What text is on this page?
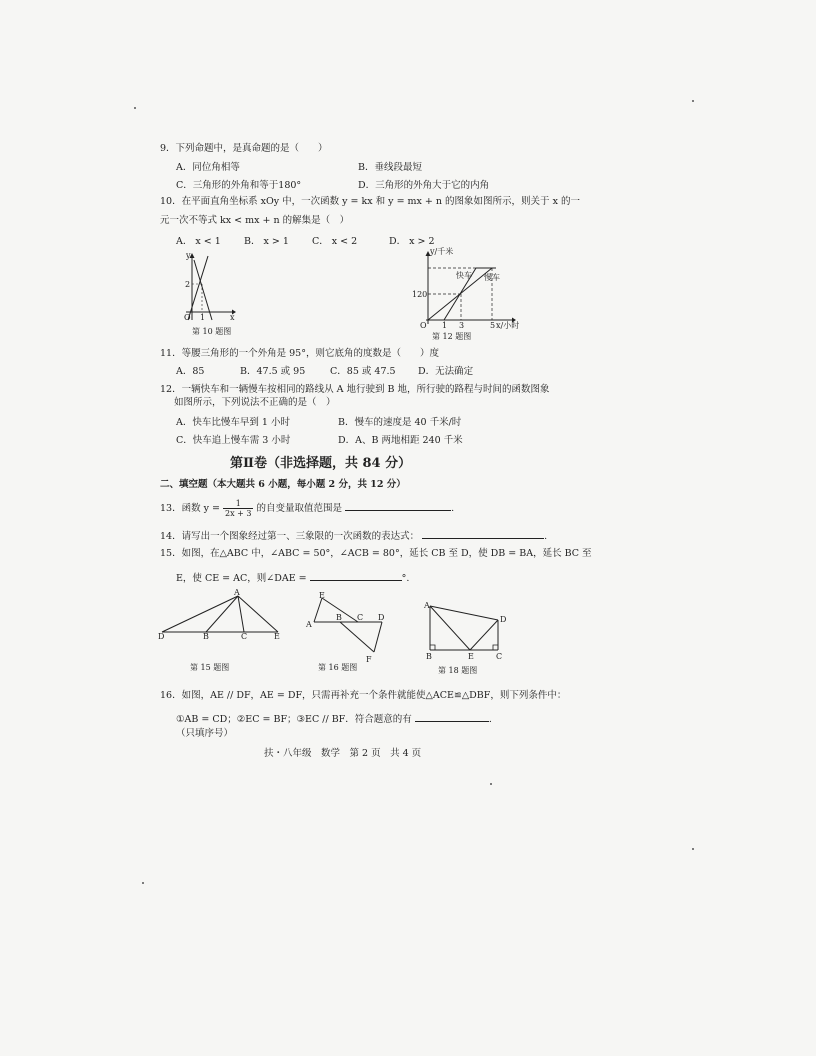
9．下列命题中，是真命题的是（　　）
A．同位角相等	B．垂线段最短
C．三角形的外角和等于180°	D．三角形的外角大于它的内角
10．在平面直角坐标系 xOy 中，一次函数 y = kx 和 y = mx + n 的图象如图所示，则关于 x 的一
元一次不等式 kx < mx + n 的解集是（　）
A． x < 1 B． x > 1 C． x < 2	D． x > 2
y
x
O
2
1
第 10 题图
y/千米
快车 慢车
120
O 1 3	5 x/小时
第 12 题图
11．等腰三角形的一个外角是 95°，则它底角的度数是（　　）度
A．85	B．47.5 或 95	C．85 或 47.5 D．无法确定
12．一辆快车和一辆慢车按相同的路线从 A 地行驶到 B 地，所行驶的路程与时间的函数图象
如图所示，下列说法不正确的是（　）
A．快车比慢车早到 1 小时	B．慢车的速度是 40 千米/时
C．快车追上慢车需 3 小时	D．A、B 两地相距 240 千米
第Ⅱ卷（非选择题，共 84 分）
二、填空题（本大题共 6 小题，每小题 2 分，共 12 分）
13．函数 $y = \frac{1}{2x + 3}$ 的自变量取值范围是	.
14．请写出一个图象经过第一、三象限的一次函数的表达式：	.
15．如图，在△ABC 中，∠ABC = 50°，∠ACB = 80°，延长 CB 至 D，使 DB = BA，延长 BC 至
E，使 CE = AC，则∠DAE =	°.
A
D	B	C	E
第 15 题图
E
A
B C D
F
第 16 题图
A
D
B	E	C
第 18 题图
16．如图，AE // DF，AE = DF，只需再补充一个条件就能使△ACE≌△DBF，则下列条件中：
①AB = CD；②EC = BF；③EC // BF．符合题意的有	.
（只填序号）
扶・八年级　数学　第 2 页　共 4 页
